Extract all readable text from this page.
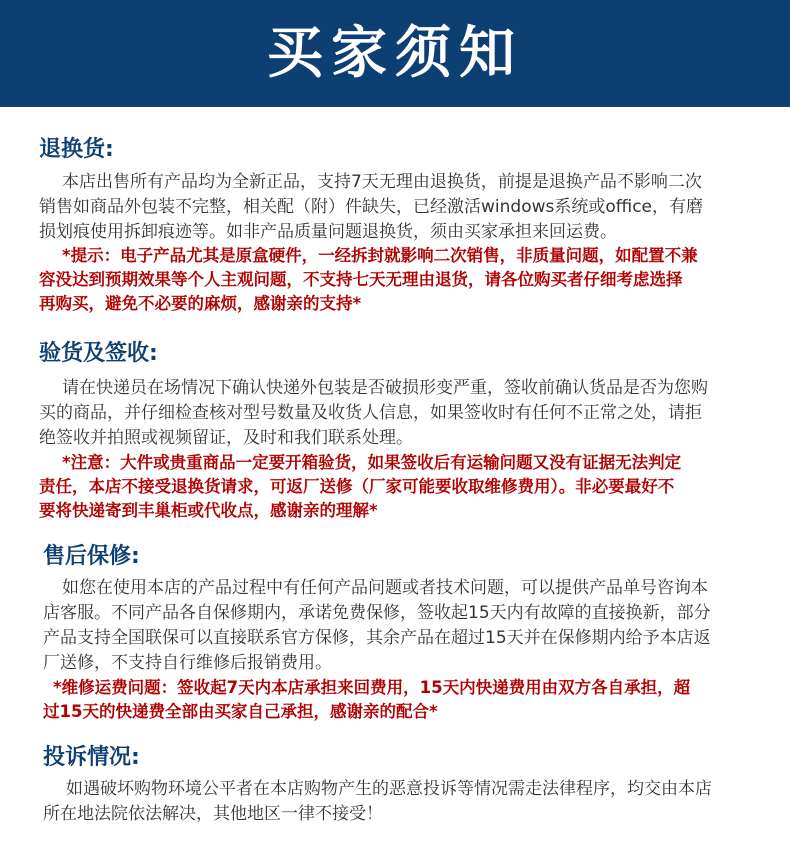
买家须知
退换货:
本店出售所有产品均为全新正品，支持7天无理由退换货，前提是退换产品不影响二次
销售如商品外包装不完整，相关配（附）件缺失，已经激活windows系统或office，有磨
损划痕使用拆卸痕迹等。如非产品质量问题退换货，须由买家承担来回运费。
*提示：电子产品尤其是原盒硬件，一经拆封就影响二次销售，非质量问题，如配置不兼
容没达到预期效果等个人主观问题，不支持七天无理由退货，请各位购买者仔细考虑选择
再购买，避免不必要的麻烦，感谢亲的支持*
验货及签收:
请在快递员在场情况下确认快递外包装是否破损形变严重，签收前确认货品是否为您购
买的商品，并仔细检查核对型号数量及收货人信息，如果签收时有任何不正常之处，请拒
绝签收并拍照或视频留证，及时和我们联系处理。
*注意：大件或贵重商品一定要开箱验货，如果签收后有运输问题又没有证据无法判定
责任，本店不接受退换货请求，可返厂送修（厂家可能要收取维修费用）。非必要最好不
要将快递寄到丰巢柜或代收点，感谢亲的理解*
售后保修:
如您在使用本店的产品过程中有任何产品问题或者技术问题，可以提供产品单号咨询本
店客服。不同产品各自保修期内，承诺免费保修，签收起15天内有故障的直接换新，部分
产品支持全国联保可以直接联系官方保修，其余产品在超过15天并在保修期内给予本店返
厂送修，不支持自行维修后报销费用。
*维修运费问题：签收起7天内本店承担来回费用，15天内快递费用由双方各自承担，超
过15天的快递费全部由买家自己承担，感谢亲的配合*
投诉情况:
如遇破坏购物环境公平者在本店购物产生的恶意投诉等情况需走法律程序，均交由本店
所在地法院依法解决，其他地区一律不接受！
